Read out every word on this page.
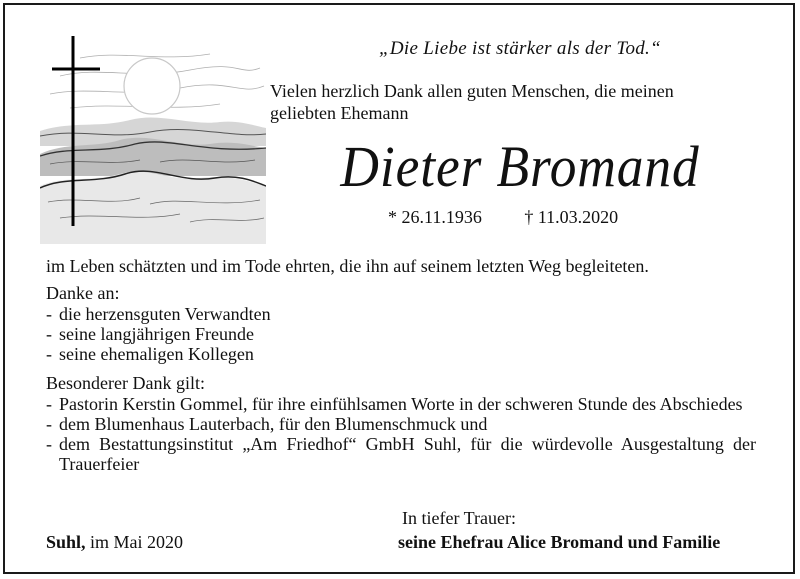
„Die Liebe ist stärker als der Tod.“
Vielen herzlich Dank allen guten Menschen, die meinen
geliebten Ehemann
Dieter Bromand
* 26.11.1936 † 11.03.2020
im Leben schätzten und im Tode ehrten, die ihn auf seinem letzten Weg begleiteten.
Danke an:
- die herzensguten Verwandten
- seine langjährigen Freunde
- seine ehemaligen Kollegen
Besonderer Dank gilt:
- Pastorin Kerstin Gommel, für ihre einfühlsamen Worte in der schweren Stunde des Abschiedes
- dem Blumenhaus Lauterbach, für den Blumenschmuck und
- dem Bestattungsinstitut „Am Friedhof“ GmbH Suhl, für die würdevolle Ausgestaltung der Trauerfeier
Suhl, im Mai 2020
In tiefer Trauer:
seine Ehefrau Alice Bromand und Familie
